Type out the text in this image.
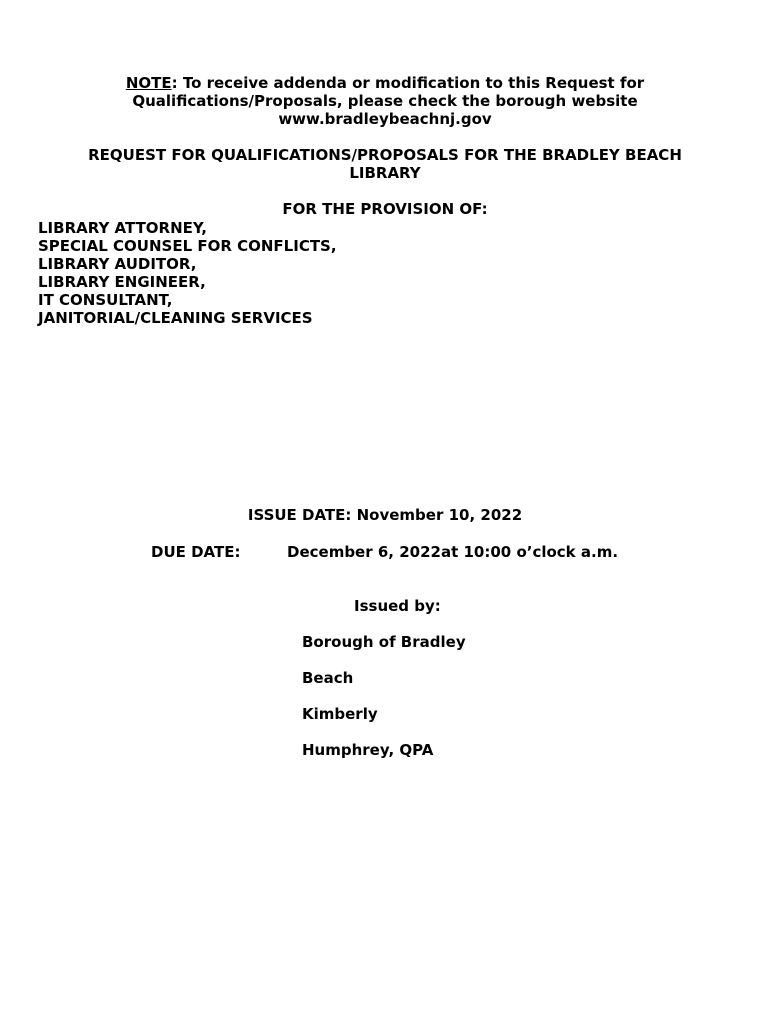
NOTE: To receive addenda or modification to this Request for
Qualifications/Proposals, please check the borough website
www.bradleybeachnj.gov
REQUEST FOR QUALIFICATIONS/PROPOSALS FOR THE BRADLEY BEACH
LIBRARY
FOR THE PROVISION OF:
LIBRARY ATTORNEY,
SPECIAL COUNSEL FOR CONFLICTS,
LIBRARY AUDITOR,
LIBRARY ENGINEER,
IT CONSULTANT,
JANITORIAL/CLEANING SERVICES
ISSUE DATE: November 10, 2022
DUE DATE:	December 6, 2022at 10:00 o’clock a.m.
Issued by:
Borough of Bradley
Beach
Kimberly
Humphrey, QPA
